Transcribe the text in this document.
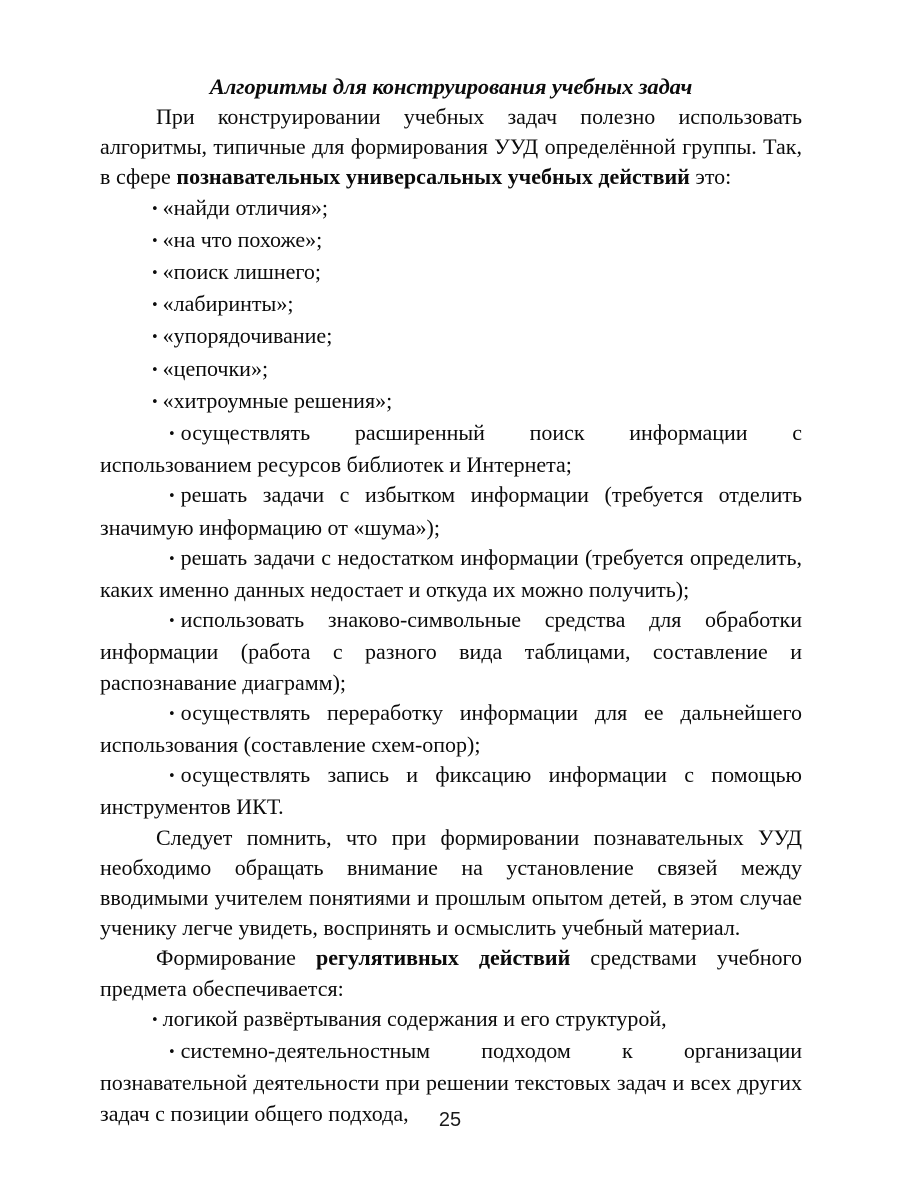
Алгоритмы для конструирования учебных задач

При конструировании учебных задач полезно использовать алгоритмы, типичные для формирования УУД определённой группы. Так, в сфере познавательных универсальных учебных действий это:

• «найди отличия»;

• «на что похоже»;

• «поиск лишнего;

• «лабиринты»;

• «упорядочивание;

• «цепочки»;

• «хитроумные решения»;

• осуществлять расширенный поиск информации с использованием ресурсов библиотек и Интернета;

• решать задачи с избытком информации (требуется отделить значимую информацию от «шума»);

• решать задачи с недостатком информации (требуется определить, каких именно данных недостает и откуда их можно получить);

• использовать знаково-символьные средства для обработки информации (работа с разного вида таблицами, составление и распознавание диаграмм);

• осуществлять переработку информации для ее дальнейшего использования (составление схем-опор);

• осуществлять запись и фиксацию информации с помощью инструментов ИКТ.

Следует помнить, что при формировании познавательных УУД необходимо обращать внимание на установление связей между вводимыми учителем понятиями и прошлым опытом детей, в этом случае ученику легче увидеть, воспринять и осмыслить учебный материал.

Формирование регулятивных действий средствами учебного предмета обеспечивается:

• логикой развёртывания содержания и его структурой,

• системно-деятельностным подходом к организации познавательной деятельности при решении текстовых задач и всех других задач с позиции общего подхода,	25
